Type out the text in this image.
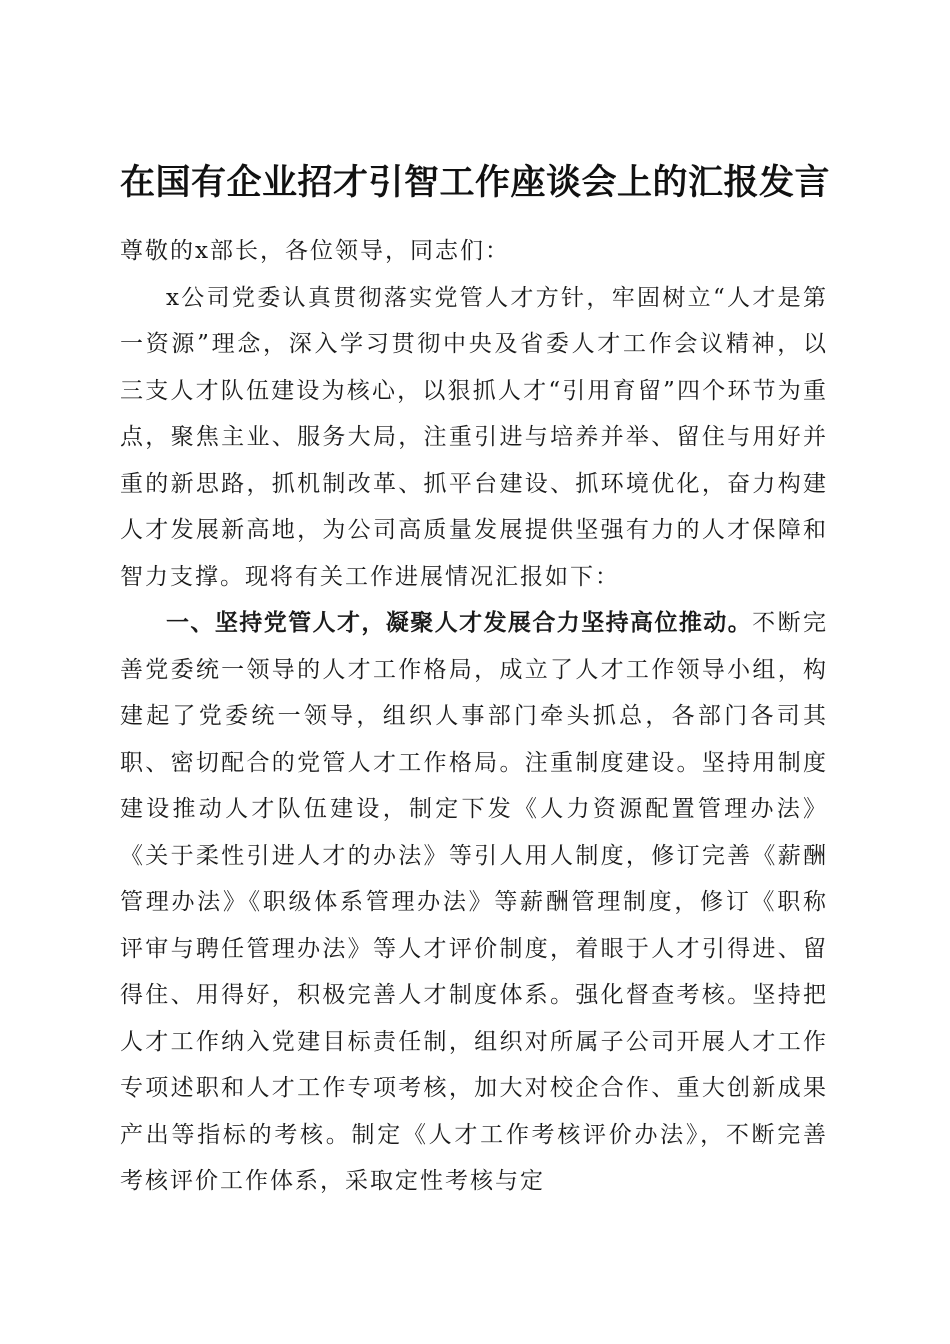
在国有企业招才引智工作座谈会上的汇报发言

尊敬的x部长，各位领导，同志们：

x公司党委认真贯彻落实党管人才方针，牢固树立“人才是第一资源”理念，深入学习贯彻中央及省委人才工作会议精神，以三支人才队伍建设为核心，以狠抓人才“引用育留”四个环节为重点，聚焦主业、服务大局，注重引进与培养并举、留住与用好并重的新思路，抓机制改革、抓平台建设、抓环境优化，奋力构建人才发展新高地，为公司高质量发展提供坚强有力的人才保障和智力支撑。现将有关工作进展情况汇报如下：

一、坚持党管人才，凝聚人才发展合力坚持高位推动。不断完善党委统一领导的人才工作格局，成立了人才工作领导小组，构建起了党委统一领导，组织人事部门牵头抓总，各部门各司其职、密切配合的党管人才工作格局。注重制度建设。坚持用制度建设推动人才队伍建设，制定下发《人力资源配置管理办法》《关于柔性引进人才的办法》等引人用人制度，修订完善《薪酬管理办法》《职级体系管理办法》等薪酬管理制度，修订《职称评审与聘任管理办法》等人才评价制度，着眼于人才引得进、留得住、用得好，积极完善人才制度体系。强化督查考核。坚持把人才工作纳入党建目标责任制，组织对所属子公司开展人才工作专项述职和人才工作专项考核，加大对校企合作、重大创新成果产出等指标的考核。制定《人才工作考核评价办法》，不断完善考核评价工作体系，采取定性考核与定
